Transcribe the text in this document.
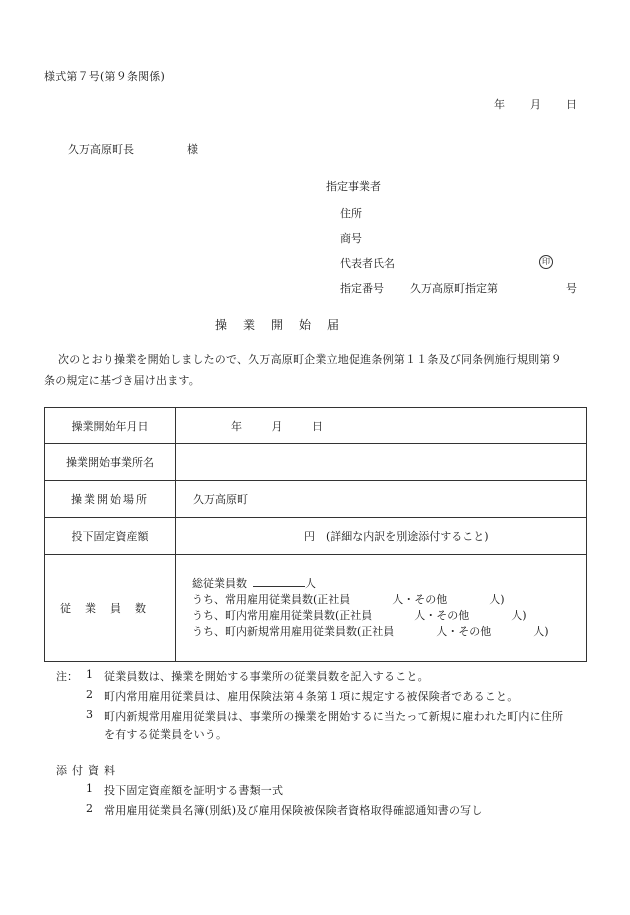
様式第７号(第９条関係)
年 月 日
久万高原町長	様
指定事業者
住所
商号
代表者氏名	印
指定番号 久万高原町指定第	号
操　業　開　始　届
次のとおり操業を開始しましたので、久万高原町企業立地促進条例第１１条及び同条例施行規則第９
条の規定に基づき届け出ます。
操業開始年月日	年 月 日
操業開始事業所名	
操業開始場所	久万高原町
投下固定資産額	円　(詳細な内訳を別途添付すること)
従業員数	総従業員数 人
うち、常用雇用従業員数(正社員 人・その他 人)
うち、町内常用雇用従業員数(正社員 人・その他 人)
うち、町内新規常用雇用従業員数(正社員 人・その他 人)
注： 1 従業員数は、操業を開始する事業所の従業員数を記入すること。
2 町内常用雇用従業員は、雇用保険法第４条第１項に規定する被保険者であること。
3 町内新規常用雇用従業員は、事業所の操業を開始するに当たって新規に雇われた町内に住所
を有する従業員をいう。
添付資料
1 投下固定資産額を証明する書類一式
2 常用雇用従業員名簿(別紙)及び雇用保険被保険者資格取得確認通知書の写し
